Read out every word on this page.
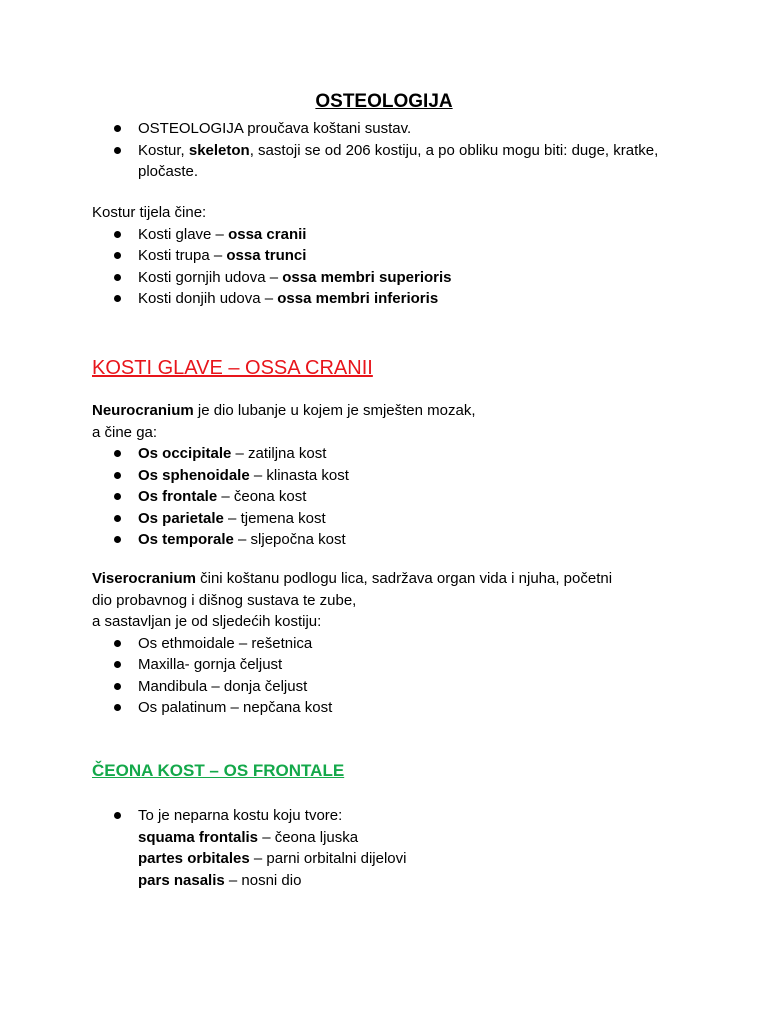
OSTEOLOGIJA
OSTEOLOGIJA proučava koštani sustav.
Kostur, skeleton, sastoji se od 206 kostiju, a po obliku mogu biti: duge, kratke, pločaste.
Kostur tijela čine:
Kosti glave – ossa cranii
Kosti trupa – ossa trunci
Kosti gornjih udova – ossa membri superioris
Kosti donjih udova – ossa membri inferioris
KOSTI GLAVE – OSSA CRANII
Neurocranium je dio lubanje u kojem je smješten mozak,
a čine ga:
Os occipitale – zatiljna kost
Os sphenoidale – klinasta kost
Os frontale – čeona kost
Os parietale – tjemena kost
Os temporale – sljepočna kost
Viserocranium čini koštanu podlogu lica, sadržava organ vida i njuha, početni
dio probavnog i dišnog sustava te zube,
a sastavljan je od sljedećih kostiju:
Os ethmoidale – rešetnica
Maxilla- gornja čeljust
Mandibula – donja čeljust
Os palatinum – nepčana kost
ČEONA KOST – OS FRONTALE
To je neparna kostu koju tvore:
squama frontalis – čeona ljuska
partes orbitales – parni orbitalni dijelovi
pars nasalis – nosni dio
